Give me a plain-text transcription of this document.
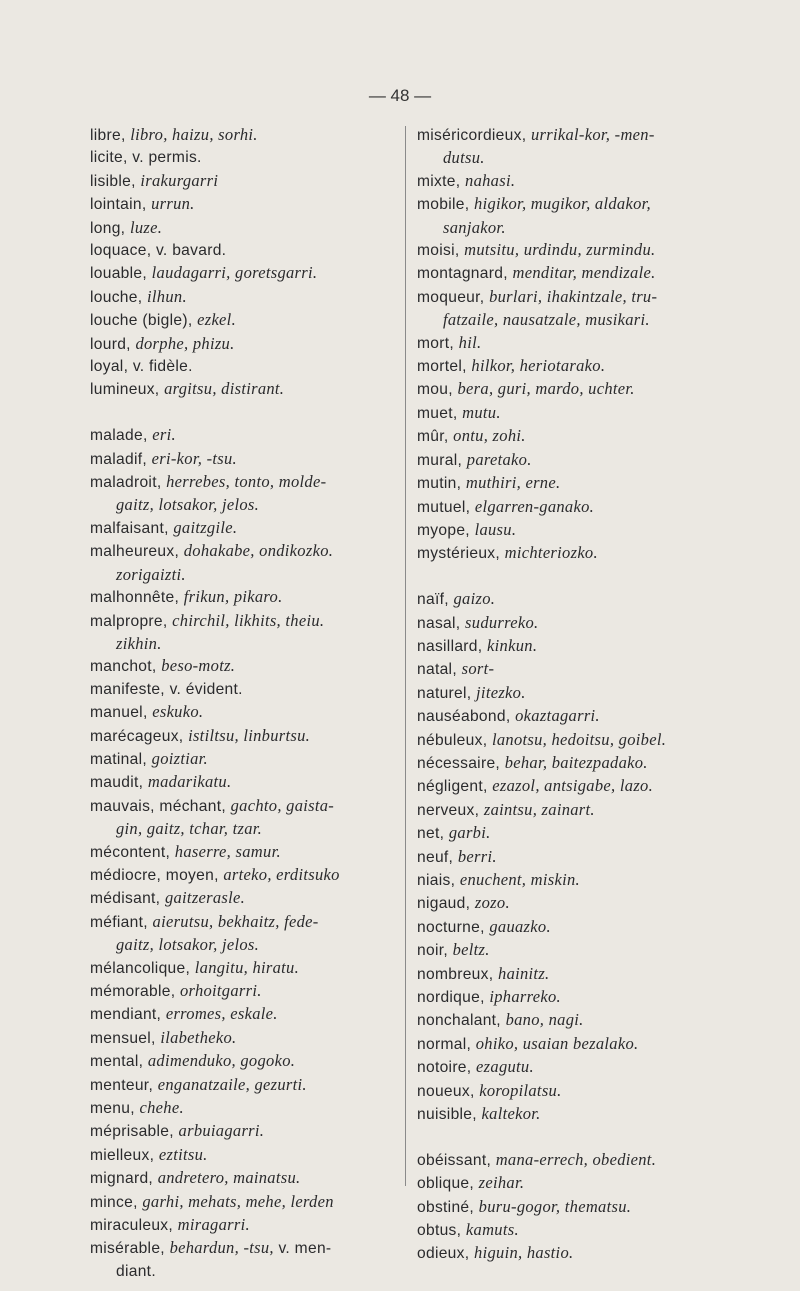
— 48 —
libre, libro, haizu, sorhi.
licite, v. permis.
lisible, irakurgarri
lointain, urrun.
long, luze.
loquace, v. bavard.
louable, laudagarri, goretsgarri.
louche, ilhun.
louche (bigle), ezkel.
lourd, dorphe, phizu.
loyal, v. fidèle.
lumineux, argitsu, distirant.
malade, eri.
maladif, eri-kor, -tsu.
maladroit, herrebes, tonto, molde-
gaitz, lotsakor, jelos.
malfaisant, gaitzgile.
malheureux, dohakabe, ondikozko.
zorigaizti.
malhonnête, frikun, pikaro.
malpropre, chirchil, likhits, theiu.
zikhin.
manchot, beso-motz.
manifeste, v. évident.
manuel, eskuko.
marécageux, istiltsu, linburtsu.
matinal, goiztiar.
maudit, madarikatu.
mauvais, méchant, gachto, gaista-
gin, gaitz, tchar, tzar.
mécontent, haserre, samur.
médiocre, moyen, arteko, erditsuko
médisant, gaitzerasle.
méfiant, aierutsu, bekhaitz, fede-
gaitz, lotsakor, jelos.
mélancolique, langitu, hiratu.
mémorable, orhoitgarri.
mendiant, erromes, eskale.
mensuel, ilabetheko.
mental, adimenduko, gogoko.
menteur, enganatzaile, gezurti.
menu, chehe.
méprisable, arbuiagarri.
mielleux, eztitsu.
mignard, andretero, mainatsu.
mince, garhi, mehats, mehe, lerden
miraculeux, miragarri.
misérable, behardun, -tsu, v. men-
diant.
miséricordieux, urrikal-kor, -men-
dutsu.
mixte, nahasi.
mobile, higikor, mugikor, aldakor,
sanjakor.
moisi, mutsitu, urdindu, zurmindu.
montagnard, menditar, mendizale.
moqueur, burlari, ihakintzale, tru-
fatzaile, nausatzale, musikari.
mort, hil.
mortel, hilkor, heriotarako.
mou, bera, guri, mardo, uchter.
muet, mutu.
mûr, ontu, zohi.
mural, paretako.
mutin, muthiri, erne.
mutuel, elgarren-ganako.
myope, lausu.
mystérieux, michteriozko.
naïf, gaizo.
nasal, sudurreko.
nasillard, kinkun.
natal, sort-
naturel, jitezko.
nauséabond, okaztagarri.
nébuleux, lanotsu, hedoitsu, goibel.
nécessaire, behar, baitezpadako.
négligent, ezazol, antsigabe, lazo.
nerveux, zaintsu, zainart.
net, garbi.
neuf, berri.
niais, enuchent, miskin.
nigaud, zozo.
nocturne, gauazko.
noir, beltz.
nombreux, hainitz.
nordique, ipharreko.
nonchalant, bano, nagi.
normal, ohiko, usaian bezalako.
notoire, ezagutu.
noueux, koropilatsu.
nuisible, kaltekor.
obéissant, mana-errech, obedient.
oblique, zeihar.
obstiné, buru-gogor, thematsu.
obtus, kamuts.
odieux, higuin, hastio.
